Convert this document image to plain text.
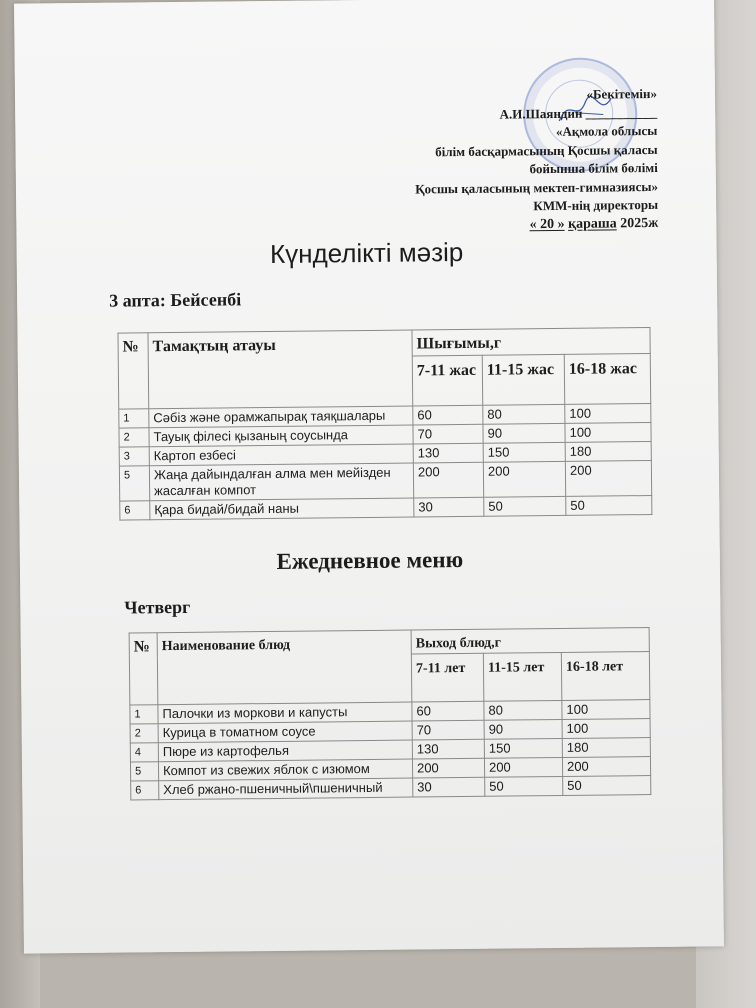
«Бекітемін»
А.И.Шаяндин ___________
«Ақмола облысы
білім басқармасының Қосшы қаласы
бойынша білім бөлімі
Қосшы қаласының мектеп-гимназиясы»
КММ-нің директоры
« 20 » қараша 2025ж
Күнделікті мәзір
3 апта: Бейсенбі
№	Тамақтың атауы	Шығымы,г		
		7-11 жас	11-15 жас	16-18 жас
1	Сәбіз және орамжапырақ таяқшалары	60	80	100
2	Тауық філесі қызаның соусында	70	90	100
3	Картоп езбесі	130	150	180
5	Жаңа дайындалған алма мен мейізден жасалған компот	200	200	200
6	Қара бидай/бидай наны	30	50	50
Ежедневное меню
Четверг
№	Наименование блюд	Выход блюд,г		
		7-11 лет	11-15 лет	16-18 лет
1	Палочки из моркови и капусты	60	80	100
2	Курица в томатном соусе	70	90	100
4	Пюре из картофелья	130	150	180
5	Компот из свежих яблок с изюмом	200	200	200
6	Хлеб ржано-пшеничный\пшеничный	30	50	50
